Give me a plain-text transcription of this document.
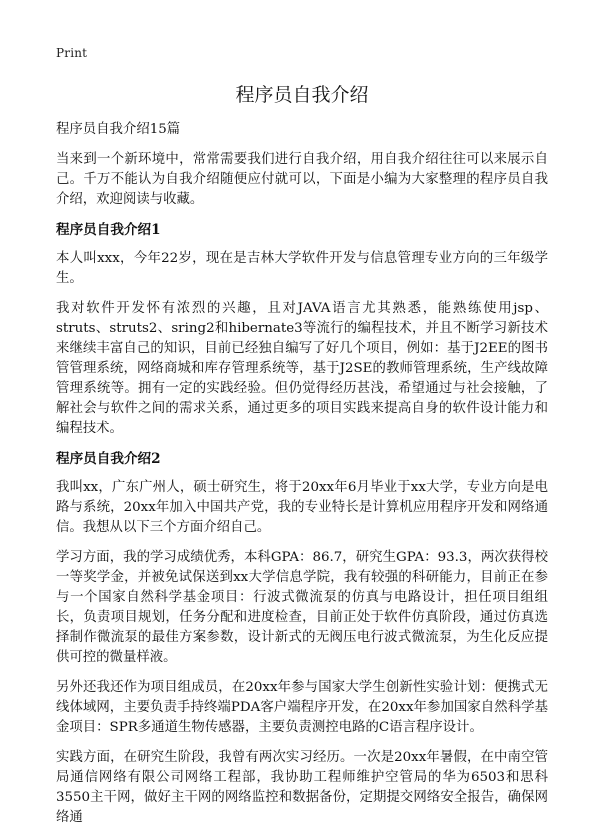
Print
程序员自我介绍

程序员自我介绍15篇

当来到一个新环境中，常常需要我们进行自我介绍，用自我介绍往往可以来展示自己。千万不能认为自我介绍随便应付就可以，下面是小编为大家整理的程序员自我介绍，欢迎阅读与收藏。

程序员自我介绍1

本人叫xxx，今年22岁，现在是吉林大学软件开发与信息管理专业方向的三年级学生。

我对软件开发怀有浓烈的兴趣，且对JAVA语言尤其熟悉，能熟练使用jsp、struts、struts2、sring2和hibernate3等流行的编程技术，并且不断学习新技术来继续丰富自己的知识，目前已经独自编写了好几个项目，例如：基于J2EE的图书管管理系统，网络商城和库存管理系统等，基于J2SE的教师管理系统，生产线故障管理系统等。拥有一定的实践经验。但仍觉得经历甚浅，希望通过与社会接触，了解社会与软件之间的需求关系，通过更多的项目实践来提高自身的软件设计能力和编程技术。

程序员自我介绍2

我叫xx，广东广州人，硕士研究生，将于20xx年6月毕业于xx大学，专业方向是电路与系统，20xx年加入中国共产党，我的专业特长是计算机应用程序开发和网络通信。我想从以下三个方面介绍自己。

学习方面，我的学习成绩优秀，本科GPA：86.7，研究生GPA：93.3，两次获得校一等奖学金，并被免试保送到xx大学信息学院，我有较强的科研能力，目前正在参与一个国家自然科学基金项目：行波式微流泵的仿真与电路设计，担任项目组组长，负责项目规划，任务分配和进度检查，目前正处于软件仿真阶段，通过仿真选择制作微流泵的最佳方案参数，设计新式的无阀压电行波式微流泵，为生化反应提供可控的微量样液。

另外还我还作为项目组成员，在20xx年参与国家大学生创新性实验计划：便携式无线体域网，主要负责手持终端PDA客户端程序开发，在20xx年参加国家自然科学基金项目：SPR多通道生物传感器，主要负责测控电路的C语言程序设计。

实践方面，在研究生阶段，我曾有两次实习经历。一次是20xx年暑假，在中南空管局通信网络有限公司网络工程部，我协助工程师维护空管局的华为6503和思科3550主干网，做好主干网的网络监控和数据备份，定期提交网络安全报告，确保网络通
